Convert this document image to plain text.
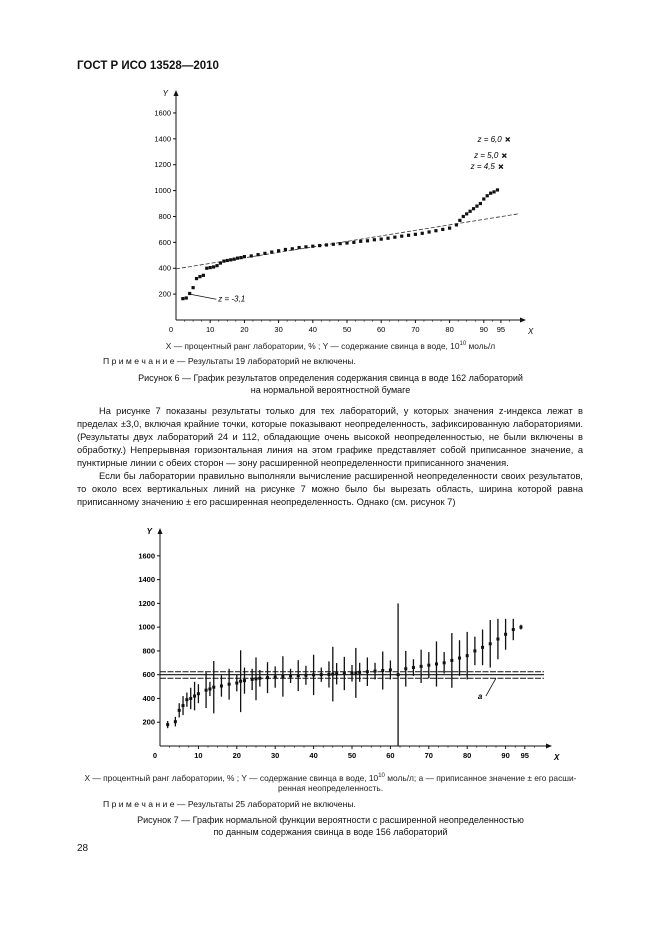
ГОСТ Р ИСО 13528—2010
Y
X
0
200
400
600
800
1000
1200
1400
1600
10	20	30	40	50	60	70	80	90 95
z = 6,0
z = 5,0
z = 4,5
z = -3,1
X — процентный ранг лаборатории, % ; Y — содержание свинца в воде, $10^{10}$ моль/л
П р и м е ч а н и е — Результаты 19 лабораторий не включены.
Рисунок 6 — График результатов определения содержания свинца в воде 162 лабораторий
на нормальной вероятностной бумаге

На рисунке 7 показаны результаты только для тех лабораторий, у которых значения z-индекса лежат в пределах ±3,0, включая крайние точки, которые показывают неопределенность, зафиксированную лабораториями. (Результаты двух лабораторий 24 и 112, обладающие очень высокой неопределенностью, не были включены в обработку.) Непрерывная горизонтальная линия на этом графике представляет собой приписанное значение, а пунктирные линии с обеих сторон — зону расширенной неопределенности приписанного значения.

Если бы лаборатории правильно выполняли вычисление расширенной неопределенности своих результатов, то около всех вертикальных линий на рисунке 7 можно было бы вырезать область, ширина которой равна приписанному значению ± его расширенная неопределенность. Однако (см. рисунок 7)

Y
X
0
200
400
600
800
1000
1200
1400
1600
10	20	30	40	50	60	70	80	90 95
a
X — процентный ранг лаборатории, % ; Y — содержание свинца в воде, $10^{10}$ моль/л; a — приписанное значение ± его расши-
ренная неопределенность.
П р и м е ч а н и е — Результаты 25 лабораторий не включены.
Рисунок 7 — График нормальной функции вероятности с расширенной неопределенностью
по данным содержания свинца в воде 156 лабораторий
28
